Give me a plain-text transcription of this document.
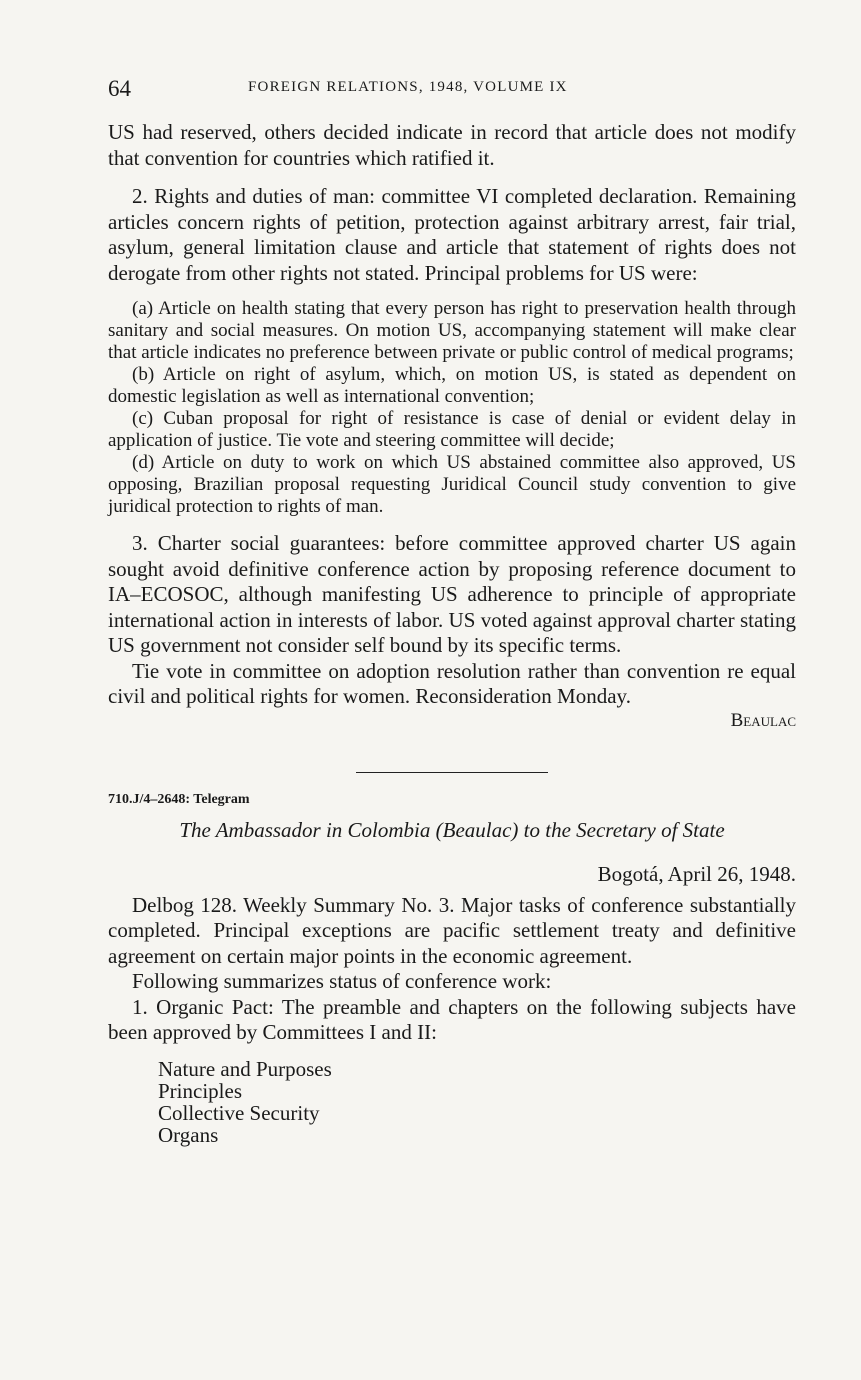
64	FOREIGN RELATIONS, 1948, VOLUME IX

US had reserved, others decided indicate in record that article does not modify that convention for countries which ratified it.

2. Rights and duties of man: committee VI completed declaration. Remaining articles concern rights of petition, protection against arbitrary arrest, fair trial, asylum, general limitation clause and article that statement of rights does not derogate from other rights not stated. Principal problems for US were:

(a) Article on health stating that every person has right to preservation health through sanitary and social measures. On motion US, accompanying statement will make clear that article indicates no preference between private or public control of medical programs;

(b) Article on right of asylum, which, on motion US, is stated as dependent on domestic legislation as well as international convention;

(c) Cuban proposal for right of resistance is case of denial or evident delay in application of justice. Tie vote and steering committee will decide;

(d) Article on duty to work on which US abstained committee also approved, US opposing, Brazilian proposal requesting Juridical Council study convention to give juridical protection to rights of man.

3. Charter social guarantees: before committee approved charter US again sought avoid definitive conference action by proposing reference document to IA–ECOSOC, although manifesting US adherence to principle of appropriate international action in interests of labor. US voted against approval charter stating US government not consider self bound by its specific terms.

Tie vote in committee on adoption resolution rather than convention re equal civil and political rights for women. Reconsideration Monday.

Beaulac

710.J/4–2648: Telegram

The Ambassador in Colombia (Beaulac) to the Secretary of State

Bogotá, April 26, 1948.

Delbog 128. Weekly Summary No. 3. Major tasks of conference substantially completed. Principal exceptions are pacific settlement treaty and definitive agreement on certain major points in the economic agreement.

Following summarizes status of conference work:

1. Organic Pact: The preamble and chapters on the following subjects have been approved by Committees I and II:

Nature and Purposes
Principles
Collective Security
Organs
